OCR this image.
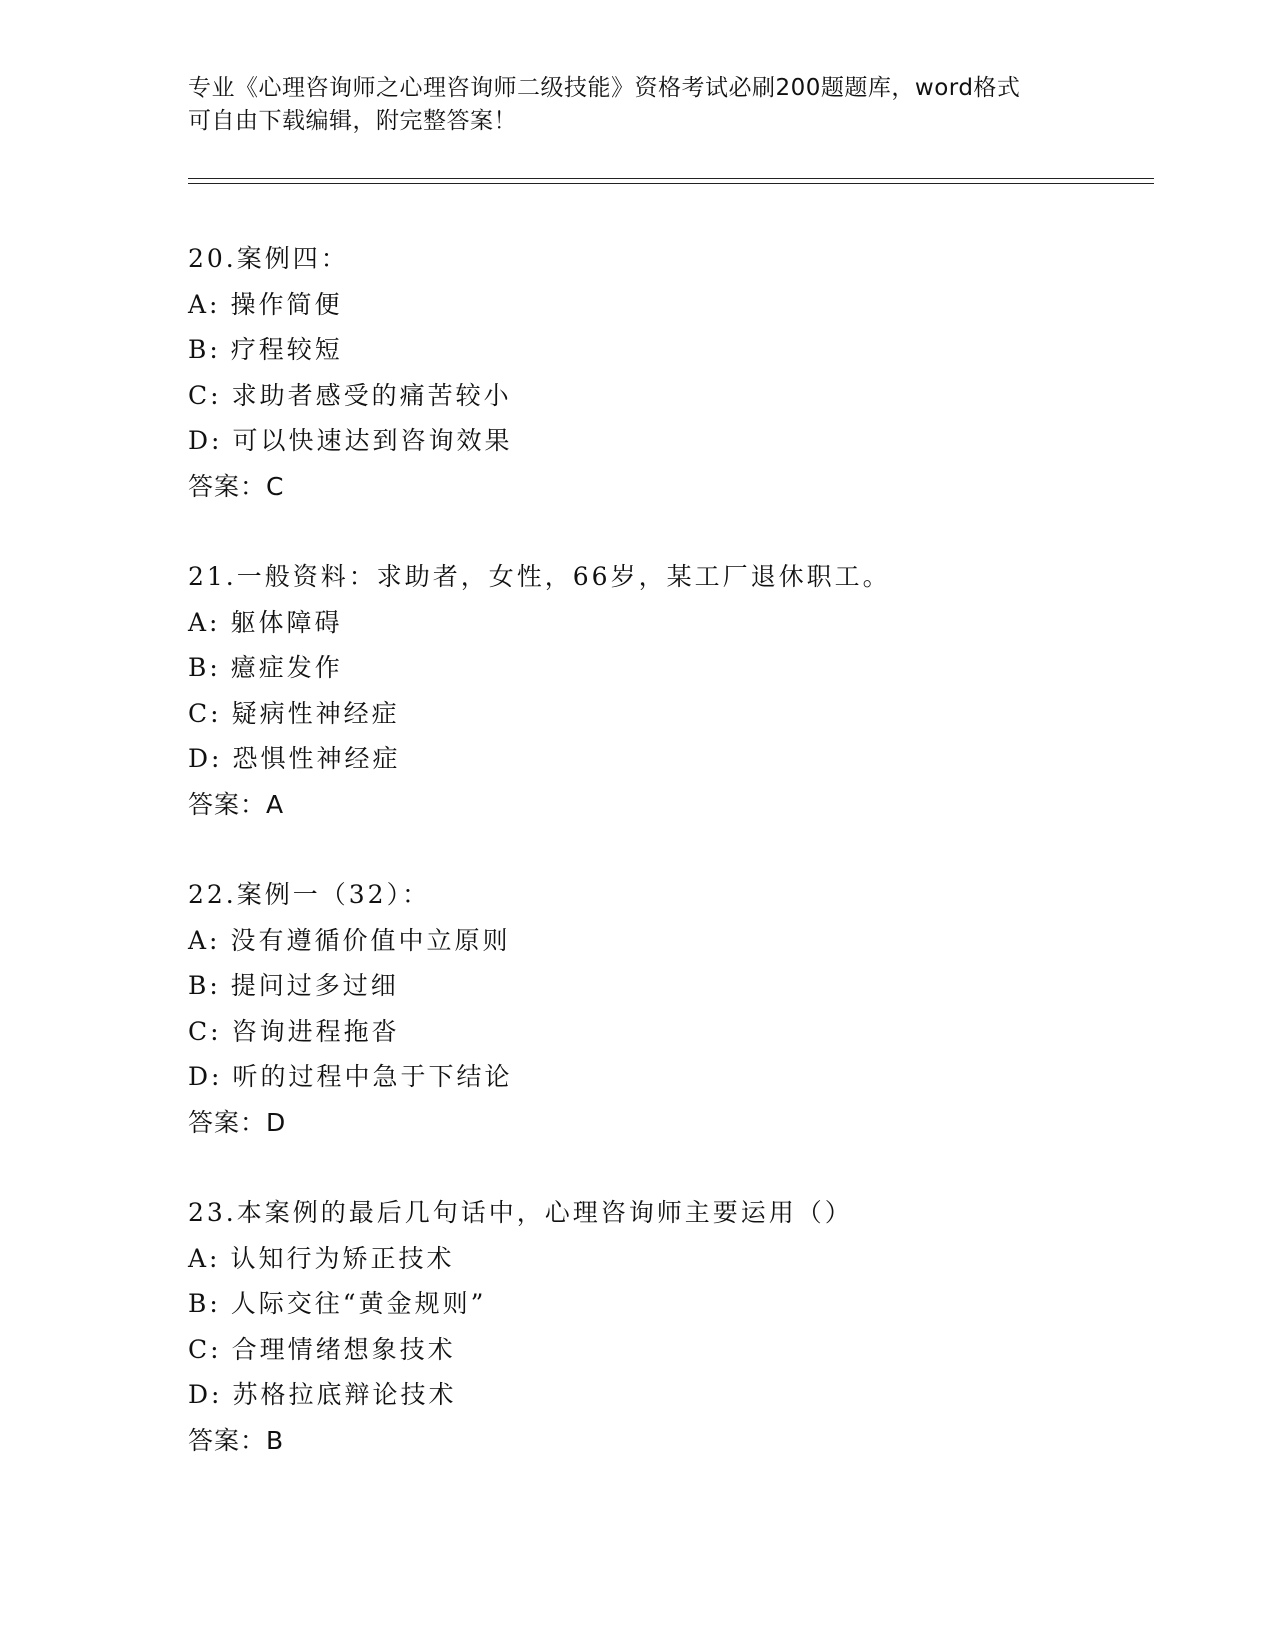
专业《心理咨询师之心理咨询师二级技能》资格考试必刷200题题库，word格式
可自由下载编辑，附完整答案！
20.案例四：
A: 操作简便
B: 疗程较短
C: 求助者感受的痛苦较小
D: 可以快速达到咨询效果
答案：C
21.一般资料：求助者，女性，66岁，某工厂退休职工。
A: 躯体障碍
B: 癔症发作
C: 疑病性神经症
D: 恐惧性神经症
答案：A
22.案例一（32）：
A: 没有遵循价值中立原则
B: 提问过多过细
C: 咨询进程拖沓
D: 听的过程中急于下结论
答案：D
23.本案例的最后几句话中，心理咨询师主要运用（）
A: 认知行为矫正技术
B: 人际交往“黄金规则”
C: 合理情绪想象技术
D: 苏格拉底辩论技术
答案：B
